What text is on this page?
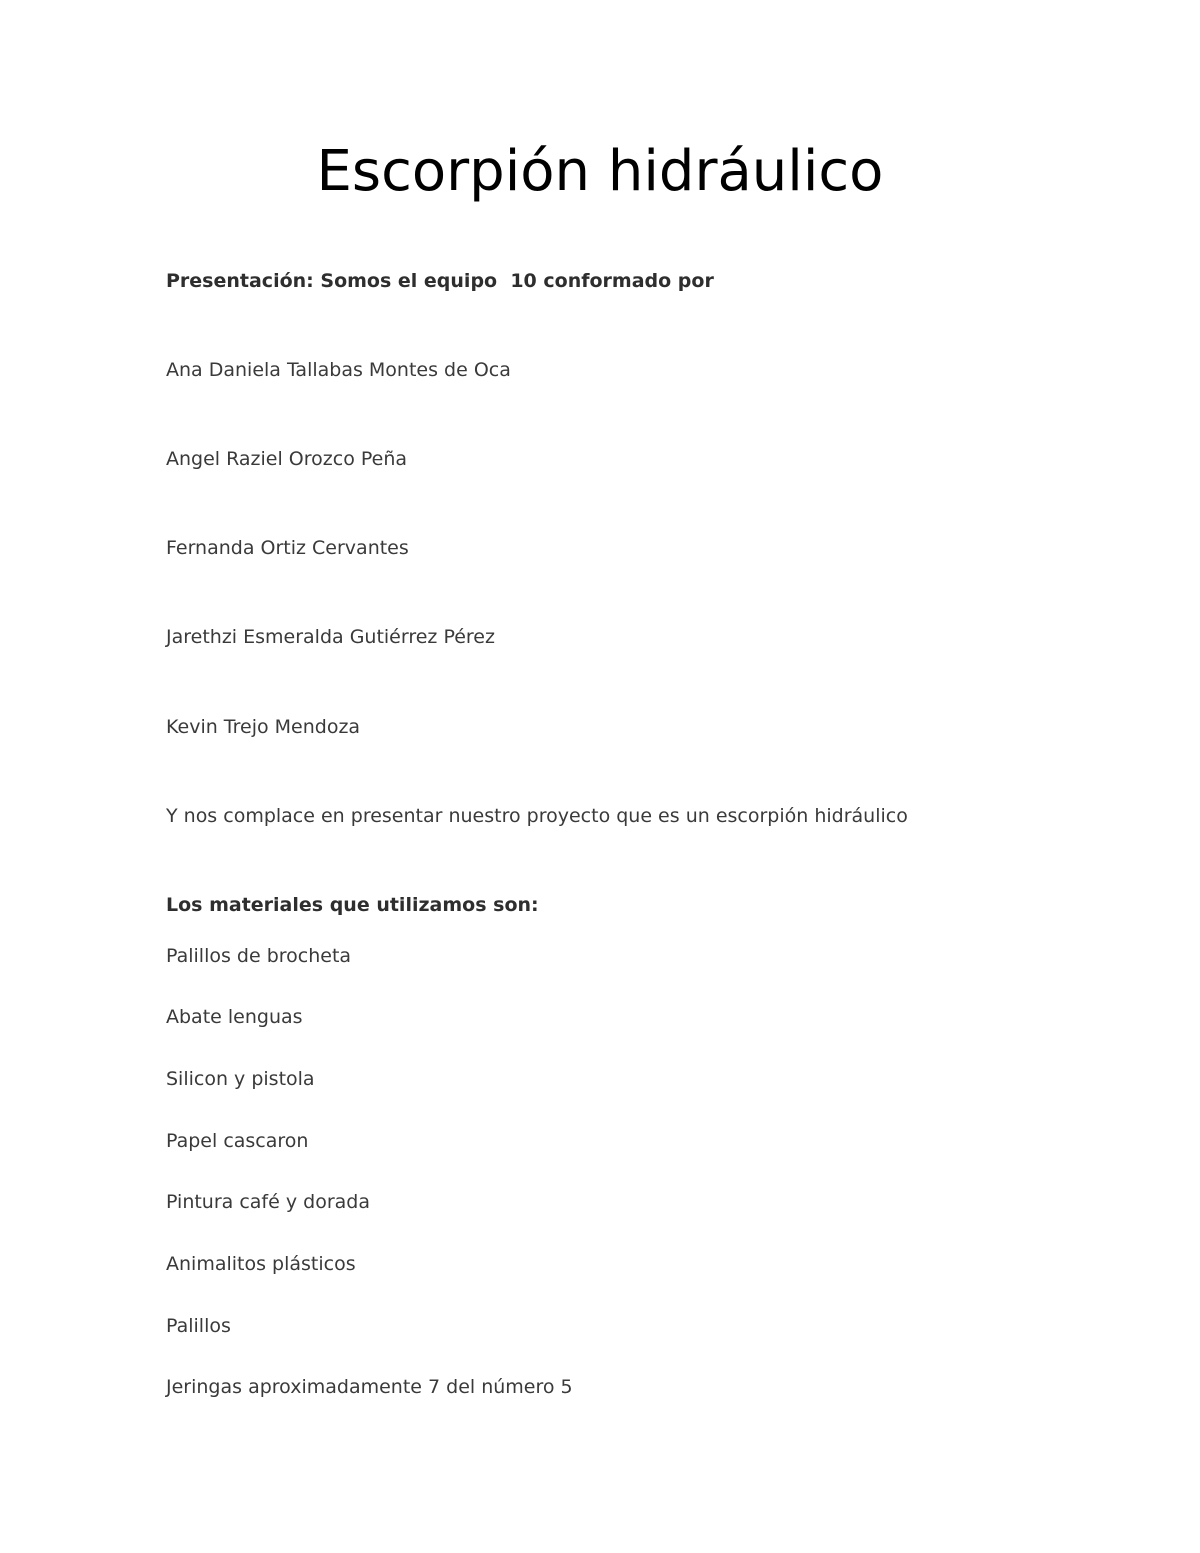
Escorpión hidráulico

Presentación: Somos el equipo  10 conformado por

Ana Daniela Tallabas Montes de Oca

Angel Raziel Orozco Peña

Fernanda Ortiz Cervantes

Jarethzi Esmeralda Gutiérrez Pérez

Kevin Trejo Mendoza

Y nos complace en presentar nuestro proyecto que es un escorpión hidráulico

Los materiales que utilizamos son:

Palillos de brocheta

Abate lenguas

Silicon y pistola

Papel cascaron

Pintura café y dorada

Animalitos plásticos

Palillos

Jeringas aproximadamente 7 del número 5
